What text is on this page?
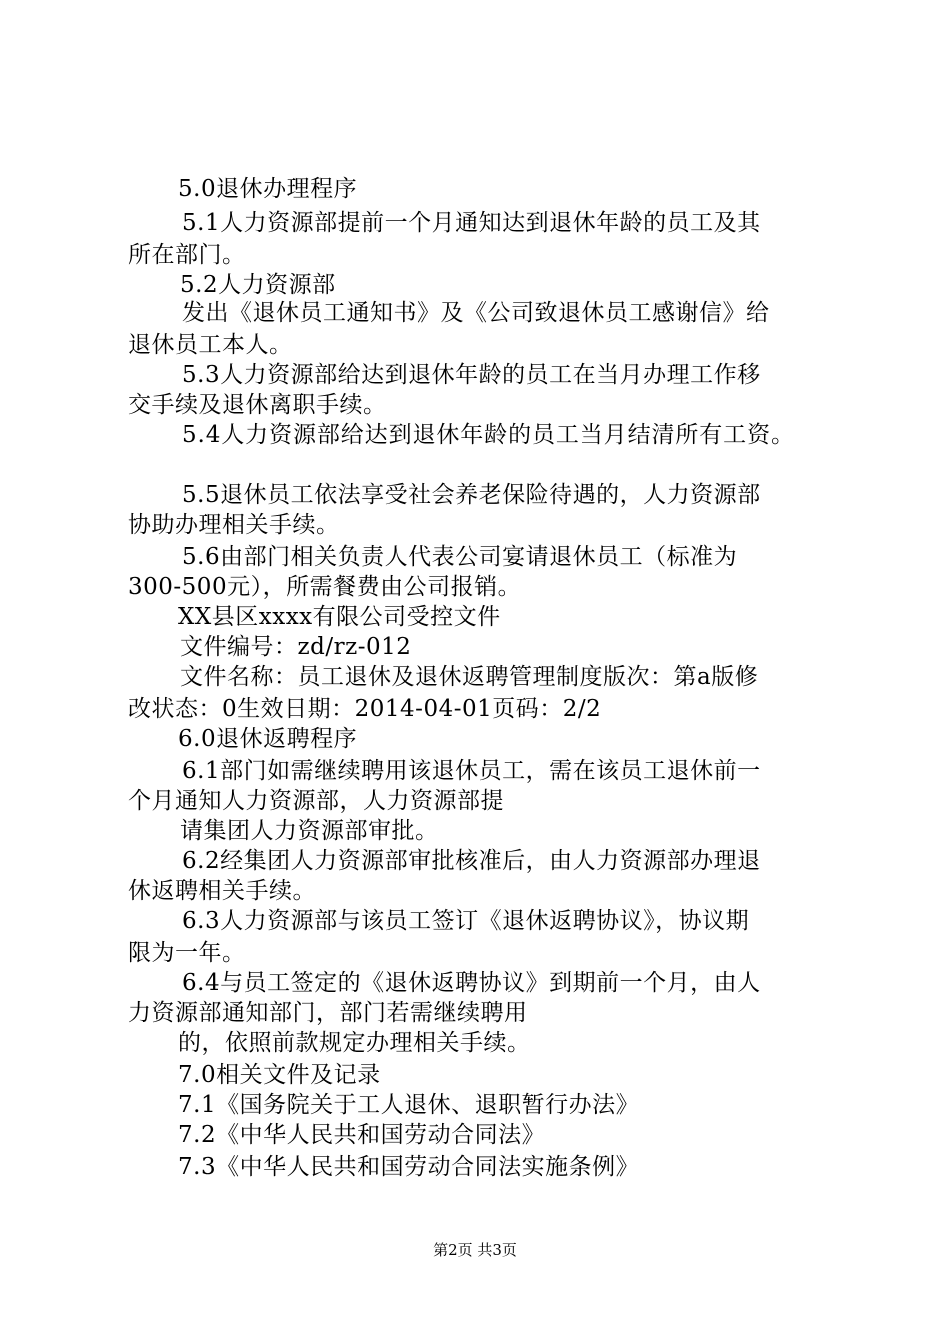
5.0退休办理程序
5.1人力资源部提前一个月通知达到退休年龄的员工及其
所在部门。
5.2人力资源部
发出《退休员工通知书》及《公司致退休员工感谢信》给
退休员工本人。
5.3人力资源部给达到退休年龄的员工在当月办理工作移
交手续及退休离职手续。
5.4人力资源部给达到退休年龄的员工当月结清所有工资。
5.5退休员工依法享受社会养老保险待遇的，人力资源部
协助办理相关手续。
5.6由部门相关负责人代表公司宴请退休员工（标准为
300-500元），所需餐费由公司报销。
XX县区xxxx有限公司受控文件
文件编号：zd/rz-012
文件名称：员工退休及退休返聘管理制度版次：第a版修
改状态：0生效日期：2014-04-01页码：2/2
6.0退休返聘程序
6.1部门如需继续聘用该退休员工，需在该员工退休前一
个月通知人力资源部，人力资源部提
请集团人力资源部审批。
6.2经集团人力资源部审批核准后，由人力资源部办理退
休返聘相关手续。
6.3人力资源部与该员工签订《退休返聘协议》，协议期
限为一年。
6.4与员工签定的《退休返聘协议》到期前一个月，由人
力资源部通知部门，部门若需继续聘用
的，依照前款规定办理相关手续。
7.0相关文件及记录
7.1《国务院关于工人退休、退职暂行办法》
7.2《中华人民共和国劳动合同法》
7.3《中华人民共和国劳动合同法实施条例》
第2页 共3页
